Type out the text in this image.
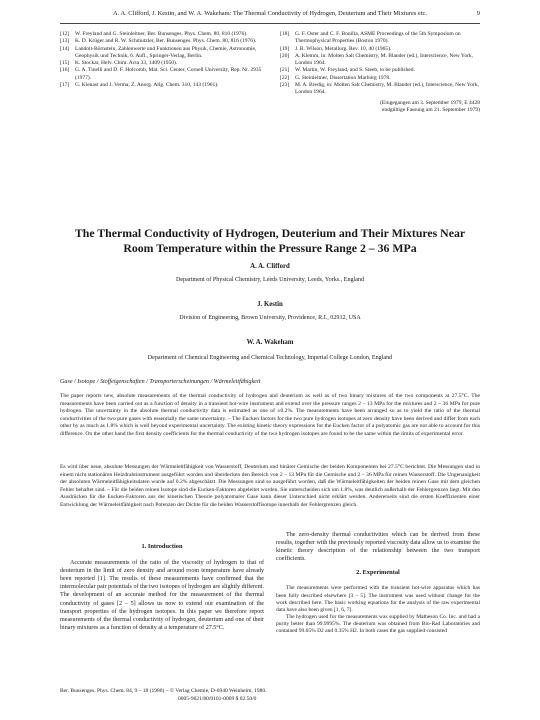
A. A. Clifford, J. Kestin, and W. A. Wakeham: The Thermal Conductivity of Hydrogen, Deuterium and Their Mixtures etc.	9
[12] W. Freyland and G. Steinleitner, Ber. Bunsenges. Phys. Chem. 80, 810 (1976).
[13] K. D. Krüger and R. W. Schmutzler, Ber. Bunsenges. Phys. Chem. 80, 816 (1976).
[14] Landolt-Börnstein, Zahlenwerte und Funktionen aus Physik, Chemie, Astronomie, Geophysik und Technik, 6. Aufl., Springer-Verlag, Berlin.
[15] K. Stockar, Helv. Chim. Acta 33, 1409 (1950).
[16] G. A. Tinelli and D. F. Holcomb, Mat. Sci. Center, Cornell University, Rep. Nr. 2935 (1977).
[17] G. Kienast and J. Verma, Z. Anorg. Allg. Chem. 310, 143 (1961).
[18] G. F. Oster and C. F. Bonilla, ASME Proceedings of the 5th Symposium on Thermophysical Properties (Boston 1970).
[19] J. R. Wilson, Metallurg. Rev. 10, 40 (1965).
[20] A. Klemm, in: Molten Salt Chemistry, M. Blander (ed.), Interscience, New York, London 1964.
[21] W. Martin, W. Freyland, and S. Steeb, to be published.
[22] G. Steinleitner, Dissertation Marburg 1978.
[23] M. A. Bredig, in: Molten Salt Chemistry, M. Blander (ed.), Interscience, New York, London 1964.
(Eingegangen am 3. September 1979, E 4428
endgültige Fassung am 21. September 1979)
The Thermal Conductivity of Hydrogen, Deuterium and Their Mixtures Near Room Temperature within the Pressure Range 2 – 36 MPa
A. A. Clifford
Department of Physical Chemistry, Leeds University, Leeds, Yorks., England
J. Kestin
Division of Engineering, Brown University, Providence, R.I., 02912, USA
W. A. Wakeham
Department of Chemical Engineering and Chemical Technology, Imperial College London, England
Gase / Isotope / Stoffeigenschaften / Transporterscheinungen / Wärmeleitfähigkeit
The paper reports new, absolute measurements of the thermal conductivity of hydrogen and deuterium as well as of two binary mixtures of the two components at 27.5°C. The measurements have been carried out as a function of density in a transient hot-wire instrument and extend over the pressure ranges 2 – 13 MPa for the mixtures and 2 – 36 MPa for pure hydrogen. The uncertainty in the absolute thermal conductivity data is estimated as one of ±0.2%. The measurements have been arranged so as to yield the ratio of the thermal conductivities of the two pure gases with essentially the same uncertainty. – The Eucken factors for the two pure hydrogen isotopes at zero density have been derived and differ from each other by as much as 1.8% which is well beyond experimental uncertainty. The existing kinetic theory expressions for the Eucken factor of a polyatomic gas are not able to account for this difference. On the other hand the first density coefficients for the thermal conductivity of the two hydrogen isotopes are found to be the same within the limits of experimental error.
Es wird über neue, absolute Messungen der Wärmeleitfähigkeit von Wasserstoff, Deuterium und binärer Gemische der beiden Komponenten bei 27.5°C berichtet. Die Messungen sind in einem nicht stationären Heizdrahtinstrument ausgeführt worden und überdecken den Bereich von 2 – 13 MPa für die Gemische und 2 – 36 MPa für reinen Wasserstoff. Die Ungenauigkeit der absoluten Wärmeleitfähigkeitsdaten wurde auf 0.2% abgeschätzt. Die Messungen sind so ausgeführt worden, daß die Wärmeleitfähigkeiten der beiden reinen Gase mit dem gleichen Fehler behaftet sind. – Für die beiden reinen Isotope sind die Eucken-Faktoren abgeleitet worden. Sie unterscheiden sich um 1.8%, was deutlich außerhalb der Fehlergrenzen liegt. Mit den Ausdrücken für die Eucken-Faktoren aus der kinetischen Theorie polyatomarer Gase kann dieser Unterschied nicht erklärt werden. Andererseits sind die ersten Koeffizienten einer Entwicklung der Wärmeleitfähigkeit nach Potenzen der Dichte für die beiden Wasserstoffisotope innerhalb der Fehlergrenzen gleich.
1. Introduction

Accurate measurements of the ratio of the viscosity of hydrogen to that of deuterium in the limit of zero density and around room temperature have already been reported [1]. The results of these measurements have confirmed that the intermolecular pair potentials of the two isotopes of hydrogen are slightly different. The development of an accurate method for the measurement of the thermal conductivity of gases [2 – 5] allows us now to extend our examination of the transport properties of the hydrogen isotopes. In this paper we therefore report measurements of the thermal conductivity of hydrogen, deuterium and one of their binary mixtures as a function of density at a temperature of 27.5°C.

The zero-density thermal conductivities which can be derived from these results, together with the previously reported viscosity data allow us to examine the kinetic theory description of the relationship between the two transport coefficients.

2. Experimental

The measurements were performed with the transient hot-wire apparatus which has been fully described elsewhere [3 – 5]. The instrument was used without change for the work described here. The basic working equations for the analysis of the raw experimental data have also been given [1, 6, 7].

The hydrogen used for the measurements was supplied by Matheson Co. Inc. and had a purity better than 99.9995%. The deuterium was obtained from Bio-Rad Laboratories and contained 99.65% D2 and 0.35% H2. In both cases the gas supplied consisted

Ber. Bunsenges. Phys. Chem. 84, 9 – 18 (1980) – © Verlag Chemie, D-6940 Weinheim, 1980.
0005-9021/80/0101-0009 $ 02.50/0
